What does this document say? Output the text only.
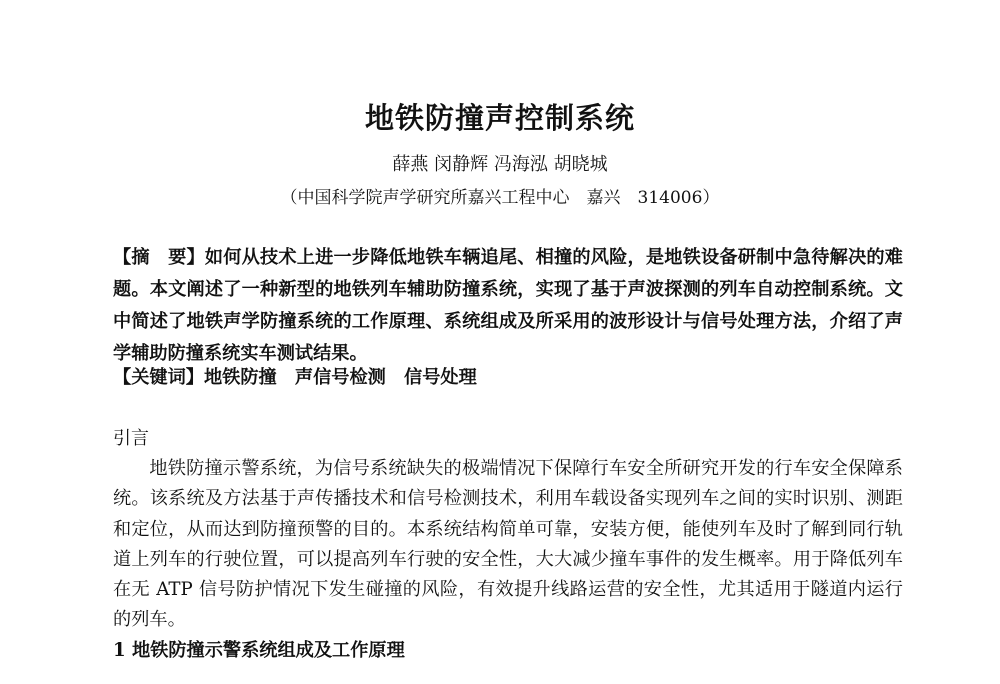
地铁防撞声控制系统
薛燕 闵静辉 冯海泓 胡晓城
（中国科学院声学研究所嘉兴工程中心　嘉兴　314006）
【摘　要】如何从技术上进一步降低地铁车辆追尾、相撞的风险，是地铁设备研制中急待解决的难题。本文阐述了一种新型的地铁列车辅助防撞系统，实现了基于声波探测的列车自动控制系统。文中简述了地铁声学防撞系统的工作原理、系统组成及所采用的波形设计与信号处理方法，介绍了声学辅助防撞系统实车测试结果。
【关键词】地铁防撞　声信号检测　信号处理
引言
地铁防撞示警系统，为信号系统缺失的极端情况下保障行车安全所研究开发的行车安全保障系统。该系统及方法基于声传播技术和信号检测技术，利用车载设备实现列车之间的实时识别、测距和定位，从而达到防撞预警的目的。本系统结构简单可靠，安装方便，能使列车及时了解到同行轨道上列车的行驶位置，可以提高列车行驶的安全性，大大减少撞车事件的发生概率。用于降低列车在无 ATP 信号防护情况下发生碰撞的风险，有效提升线路运营的安全性，尤其适用于隧道内运行的列车。
1 地铁防撞示警系统组成及工作原理
